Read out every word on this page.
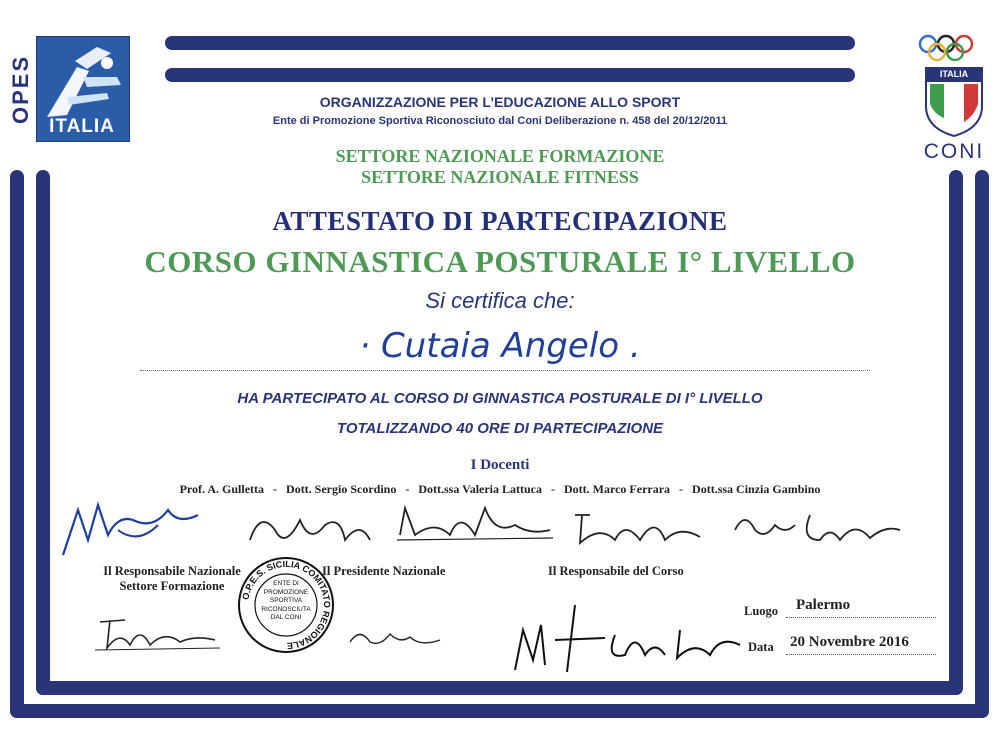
OPES
ITALIA
ITALIA
CONI
ORGANIZZAZIONE PER L’EDUCAZIONE ALLO SPORT
Ente di Promozione Sportiva Riconosciuto dal Coni Deliberazione n. 458 del 20/12/2011
SETTORE NAZIONALE FORMAZIONE
SETTORE NAZIONALE FITNESS
ATTESTATO DI PARTECIPAZIONE
CORSO GINNASTICA POSTURALE I° LIVELLO
Si certifica che:
· Cutaia Angelo .
HA PARTECIPATO AL CORSO DI GINNASTICA POSTURALE DI I° LIVELLO
TOTALIZZANDO 40 ORE DI PARTECIPAZIONE
I Docenti
Prof. A. Gulletta   -   Dott. Sergio Scordino   -   Dott.ssa Valeria Lattuca   -   Dott. Marco Ferrara   -   Dott.ssa Cinzia Gambino
Il Responsabile Nazionale
Settore Formazione
Il Presidente Nazionale	Il Responsabile del Corso
O.P.E.S. SICILIA COMITATO REGIONALE
ENTE DI
PROMOZIONE
SPORTIVA
RICONOSCIUTA
DAL CONI	Luogo Palermo
Data 20 Novembre 2016
